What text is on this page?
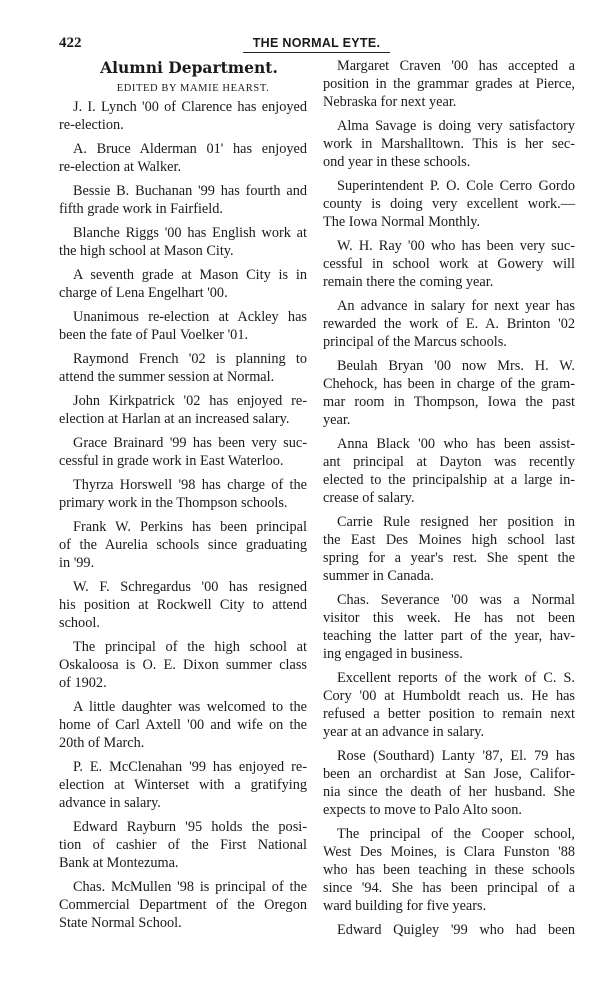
422	THE NORMAL EYTE.
Alumni Department.
EDITED BY MAMIE HEARST.
J. I. Lynch '00 of Clarence has enjoyed
re-election.
A. Bruce Alderman 01' has enjoyed
re-election at Walker.
Bessie B. Buchanan '99 has fourth and
fifth grade work in Fairfield.
Blanche Riggs '00 has English work at
the high school at Mason City.
A seventh grade at Mason City is in
charge of Lena Engelhart '00.
Unanimous re-election at Ackley has
been the fate of Paul Voelker '01.
Raymond French '02 is planning to
attend the summer session at Normal.
John Kirkpatrick '02 has enjoyed re-
election at Harlan at an increased salary.
Grace Brainard '99 has been very suc-
cessful in grade work in East Waterloo.
Thyrza Horswell '98 has charge of the
primary work in the Thompson schools.
Frank W. Perkins has been principal
of the Aurelia schools since graduating
in '99.
W. F. Schregardus '00 has resigned
his position at Rockwell City to attend
school.
The principal of the high school at
Oskaloosa is O. E. Dixon summer class
of 1902.
A little daughter was welcomed to the
home of Carl Axtell '00 and wife on the
20th of March.
P. E. McClenahan '99 has enjoyed re-
election at Winterset with a gratifying
advance in salary.
Edward Rayburn '95 holds the posi-
tion of cashier of the First National
Bank at Montezuma.
Chas. McMullen '98 is principal of the
Commercial Department of the Oregon
State Normal School.
Margaret Craven '00 has accepted a
position in the grammar grades at Pierce,
Nebraska for next year.
Alma Savage is doing very satisfactory
work in Marshalltown. This is her sec-
ond year in these schools.
Superintendent P. O. Cole Cerro Gordo
county is doing very excellent work.—
The Iowa Normal Monthly.
W. H. Ray '00 who has been very suc-
cessful in school work at Gowery will
remain there the coming year.
An advance in salary for next year has
rewarded the work of E. A. Brinton '02
principal of the Marcus schools.
Beulah Bryan '00 now Mrs. H. W.
Chehock, has been in charge of the gram-
mar room in Thompson, Iowa the past
year.
Anna Black '00 who has been assist-
ant principal at Dayton was recently
elected to the principalship at a large in-
crease of salary.
Carrie Rule resigned her position in
the East Des Moines high school last
spring for a year's rest. She spent the
summer in Canada.
Chas. Severance '00 was a Normal
visitor this week. He has not been
teaching the latter part of the year, hav-
ing engaged in business.
Excellent reports of the work of C. S.
Cory '00 at Humboldt reach us. He has
refused a better position to remain next
year at an advance in salary.
Rose (Southard) Lanty '87, El. 79 has
been an orchardist at San Jose, Califor-
nia since the death of her husband. She
expects to move to Palo Alto soon.
The principal of the Cooper school,
West Des Moines, is Clara Funston '88
who has been teaching in these schools
since '94. She has been principal of a
ward building for five years.
Edward Quigley '99 who had been
